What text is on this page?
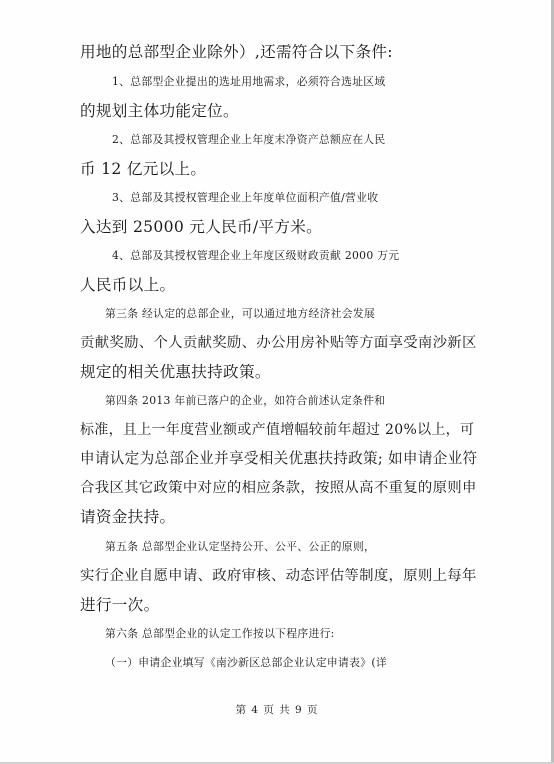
用地的总部型企业除外）,还需符合以下条件:
1、总部型企业提出的选址用地需求，必须符合选址区域
的规划主体功能定位。
2、总部及其授权管理企业上年度末净资产总额应在人民
币 12 亿元以上。
3、总部及其授权管理企业上年度单位面积产值/营业收
入达到 25000 元人民币/平方米。
4、总部及其授权管理企业上年度区级财政贡献 2000 万元
人民币以上。
第三条 经认定的总部企业，可以通过地方经济社会发展
贡献奖励、个人贡献奖励、办公用房补贴等方面享受南沙新区
规定的相关优惠扶持政策。
第四条 2013 年前已落户的企业，如符合前述认定条件和
标准，且上一年度营业额或产值增幅较前年超过 20%以上，可
申请认定为总部企业并享受相关优惠扶持政策; 如申请企业符
合我区其它政策中对应的相应条款，按照从高不重复的原则申
请资金扶持。
第五条 总部型企业认定坚持公开、公平、公正的原则，
实行企业自愿申请、政府审核、动态评估等制度，原则上每年
进行一次。
第六条 总部型企业的认定工作按以下程序进行:
（一）申请企业填写《南沙新区总部企业认定申请表》(详
第 4 页 共 9 页
